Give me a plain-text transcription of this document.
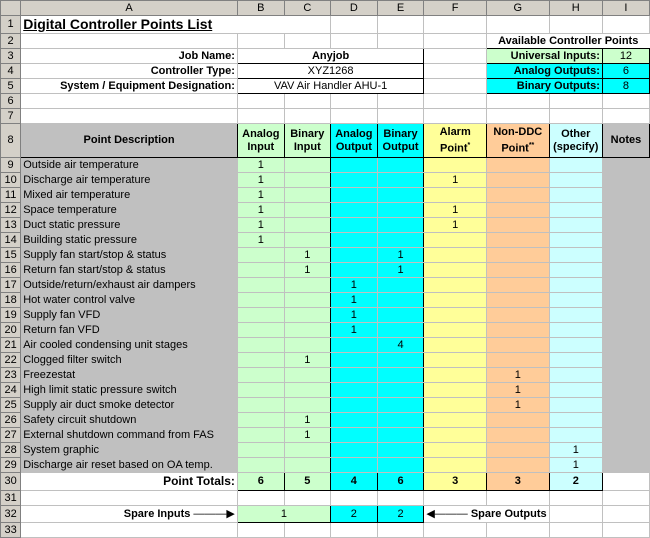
	A	B	C	D	E	F	G	H	I
1	Digital Controller Points List								
2							Available Controller Points		
3	Job Name:	Anyjob					Universal Inputs:		12
4	Controller Type:	XYZ1268					Analog Outputs:		6
5	System / Equipment Designation:	VAV Air Handler AHU-1					Binary Outputs:		8
6									
7									
8	Point Description	Analog Input	Binary Input	Analog Output	Binary Output	Alarm Point*	Non-DDC Point**	Other (specify)	Notes
9	Outside air temperature	1							
10	Discharge air temperature	1				1			
11	Mixed air temperature	1							
12	Space temperature	1				1			
13	Duct static pressure	1				1			
14	Building static pressure	1							
15	Supply fan start/stop & status		1		1				
16	Return fan start/stop & status		1		1				
17	Outside/return/exhaust air dampers			1					
18	Hot water control valve			1					
19	Supply fan VFD			1					
20	Return fan VFD			1					
21	Air cooled condensing unit stages				4				
22	Clogged filter switch		1						
23	Freezestat						1		
24	High limit static pressure switch						1		
25	Supply air duct smoke detector						1		
26	Safety circuit shutdown		1						
27	External shutdown command from FAS		1						
28	System graphic							1	
29	Discharge air reset based on OA temp.							1	
30	Point Totals:	6	5	4	6	3	3	2	
31									
32	Spare Inputs ———▶	1		2	2	◀——— Spare Outputs			
33									
